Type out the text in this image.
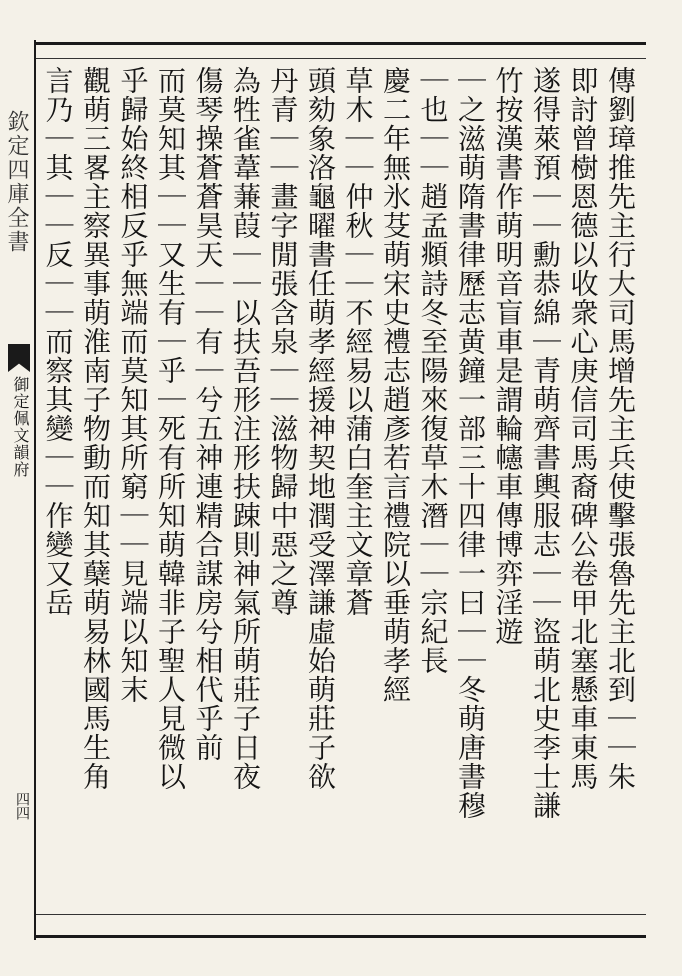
欽定四庫全書
御定佩文韻府
四四
傳劉璋推先主行大司馬增先主兵使擊張魯先主北到｜｜朱
即討曾樹恩德以收衆心庚信司馬裔碑公卷甲北塞懸車東馬
遂得萊預｜｜勳恭綿｜青萌齊書輿服志｜｜盜萌北史李士謙
竹按漢書作萌明音盲車是謂輪幰車傳博弈淫遊
｜之滋萌隋書律歷志黄鐘一部三十四律一曰｜｜冬萌唐書穆
｜也｜｜趙孟頫詩冬至陽來復草木潛｜｜宗紀長
慶二年無氷芟萌宋史禮志趙彥若言禮院以垂萌孝經
草木｜｜仲秋｜｜不經易以蒲白奎主文章蒼
頭劾象洛龜曜書任萌孝經援神契地潤受澤謙虛始萌莊子欲
丹青｜｜畫字閒張含泉｜｜滋物歸中惡之尊
為牲雀葦蒹葭｜｜以扶吾形注形扶踈則神氣所萌莊子日夜
傷琴操蒼蒼昊天｜｜有｜兮五神連精合謀房兮相代乎前
而莫知其｜｜又生有｜乎｜死有所知萌韓非子聖人見微以
乎歸始終相反乎無端而莫知其所窮｜｜見端以知末
觀萌三畧主察異事萌淮南子物動而知其蘖萌易林國馬生角
言乃｜其｜｜反｜｜而察其變｜｜作變又岳
